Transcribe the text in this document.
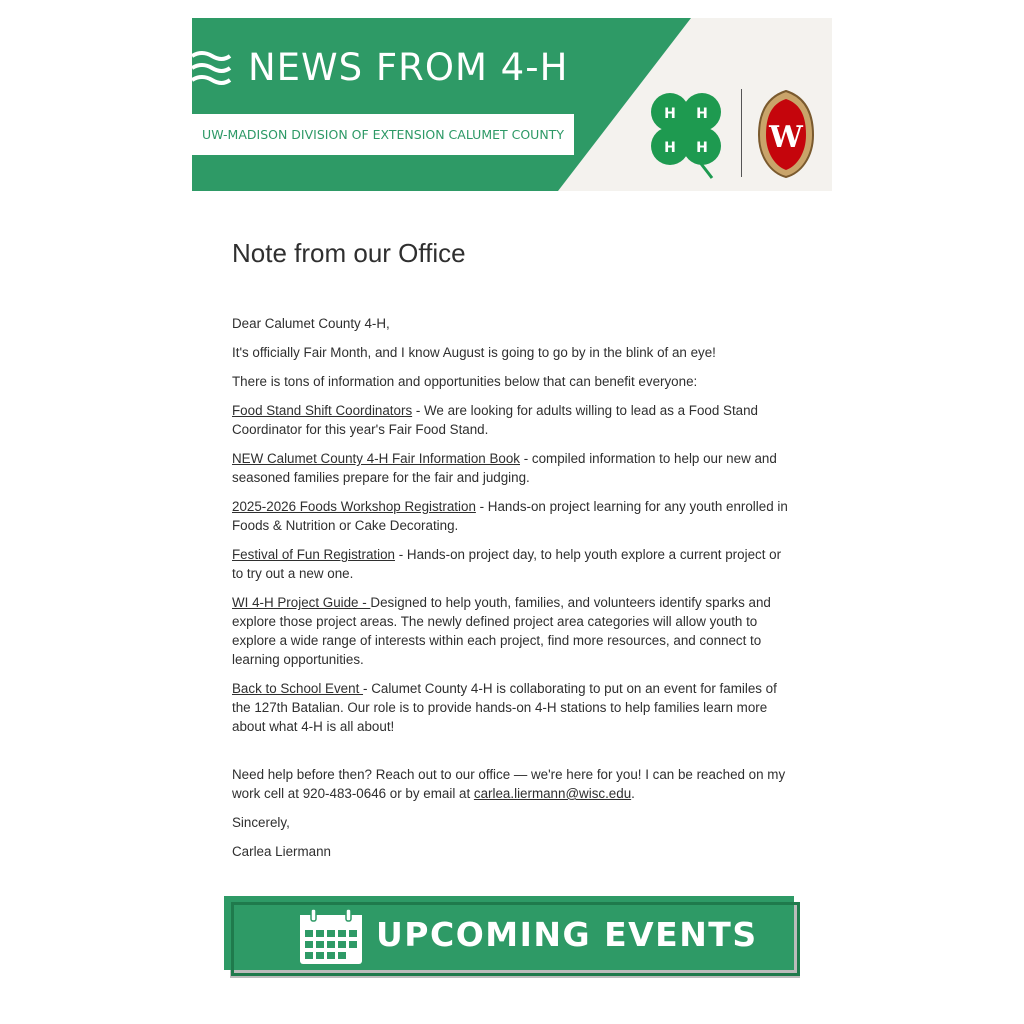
NEWS FROM 4-H
UW-MADISON DIVISION OF EXTENSION CALUMET COUNTY
H H
H H W
Note from our Office

Dear Calumet County 4-H,

It's officially Fair Month, and I know August is going to go by in the blink of an eye!

There is tons of information and opportunities below that can benefit everyone:

Food Stand Shift Coordinators - We are looking for adults willing to lead as a Food Stand Coordinator for this year's Fair Food Stand.

NEW Calumet County 4-H Fair Information Book - compiled information to help our new and seasoned families prepare for the fair and judging.

2025-2026 Foods Workshop Registration - Hands-on project learning for any youth enrolled in Foods & Nutrition or Cake Decorating.

Festival of Fun Registration - Hands-on project day, to help youth explore a current project or to try out a new one.

WI 4-H Project Guide - Designed to help youth, families, and volunteers identify sparks and explore those project areas. The newly defined project area categories will allow youth to explore a wide range of interests within each project, find more resources, and connect to learning opportunities.

Back to School Event - Calumet County 4-H is collaborating to put on an event for familes of the 127th Batalian. Our role is to provide hands-on 4-H stations to help families learn more about what 4-H is all about!

Need help before then? Reach out to our office — we're here for you! I can be reached on my work cell at 920-483-0646 or by email at carlea.liermann@wisc.edu.

Sincerely,

Carlea Liermann

UPCOMING EVENTS
